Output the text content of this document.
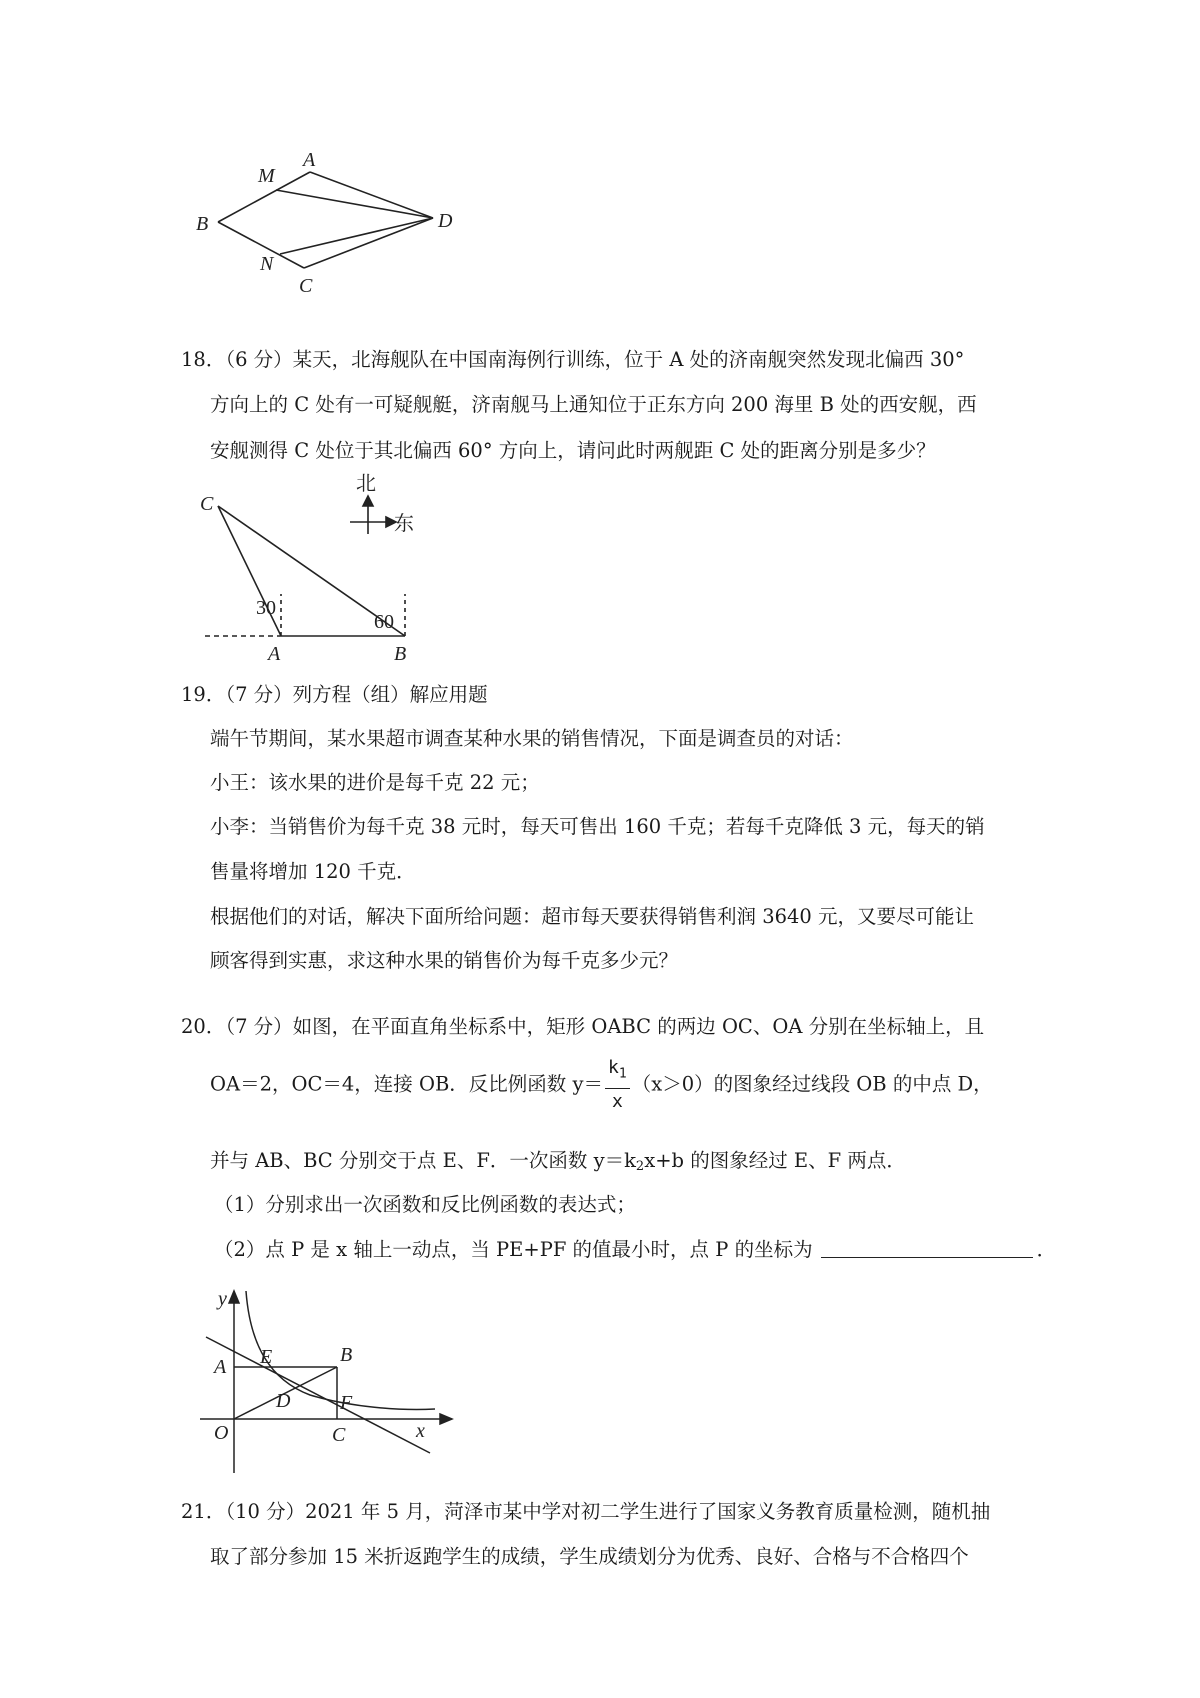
A
M
B	D
N
C
18．（6 分）某天，北海舰队在中国南海例行训练，位于 A 处的济南舰突然发现北偏西 30°
方向上的 C 处有一可疑舰艇，济南舰马上通知位于正东方向 200 海里 B 处的西安舰，西
安舰测得 C 处位于其北偏西 60° 方向上，请问此时两舰距 C 处的距离分别是多少？
C
A	B
30
60
北
东
19．（7 分）列方程（组）解应用题
端午节期间，某水果超市调查某种水果的销售情况，下面是调查员的对话：
小王：该水果的进价是每千克 22 元；
小李：当销售价为每千克 38 元时，每天可售出 160 千克；若每千克降低 3 元，每天的销
售量将增加 120 千克．
根据他们的对话，解决下面所给问题：超市每天要获得销售利润 3640 元，又要尽可能让
顾客得到实惠，求这种水果的销售价为每千克多少元？
20．（7 分）如图，在平面直角坐标系中，矩形 OABC 的两边 OC、OA 分别在坐标轴上，且
OA＝2，OC＝4，连接 OB．反比例函数 $y= \frac{k_1}{x} (x>0)$的图象经过线段 OB 的中点 D，
并与 AB、BC 分别交于点 E、F．一次函数 y＝k2x+b 的图象经过 E、F 两点．
（1）分别求出一次函数和反比例函数的表达式；
（2）点 P 是 x 轴上一动点，当 PE+PF 的值最小时，点 P 的坐标为	．
y
x
O
A
B
C
D
E
F
21．（10 分）2021 年 5 月，菏泽市某中学对初二学生进行了国家义务教育质量检测，随机抽
取了部分参加 15 米折返跑学生的成绩，学生成绩划分为优秀、良好、合格与不合格四个
